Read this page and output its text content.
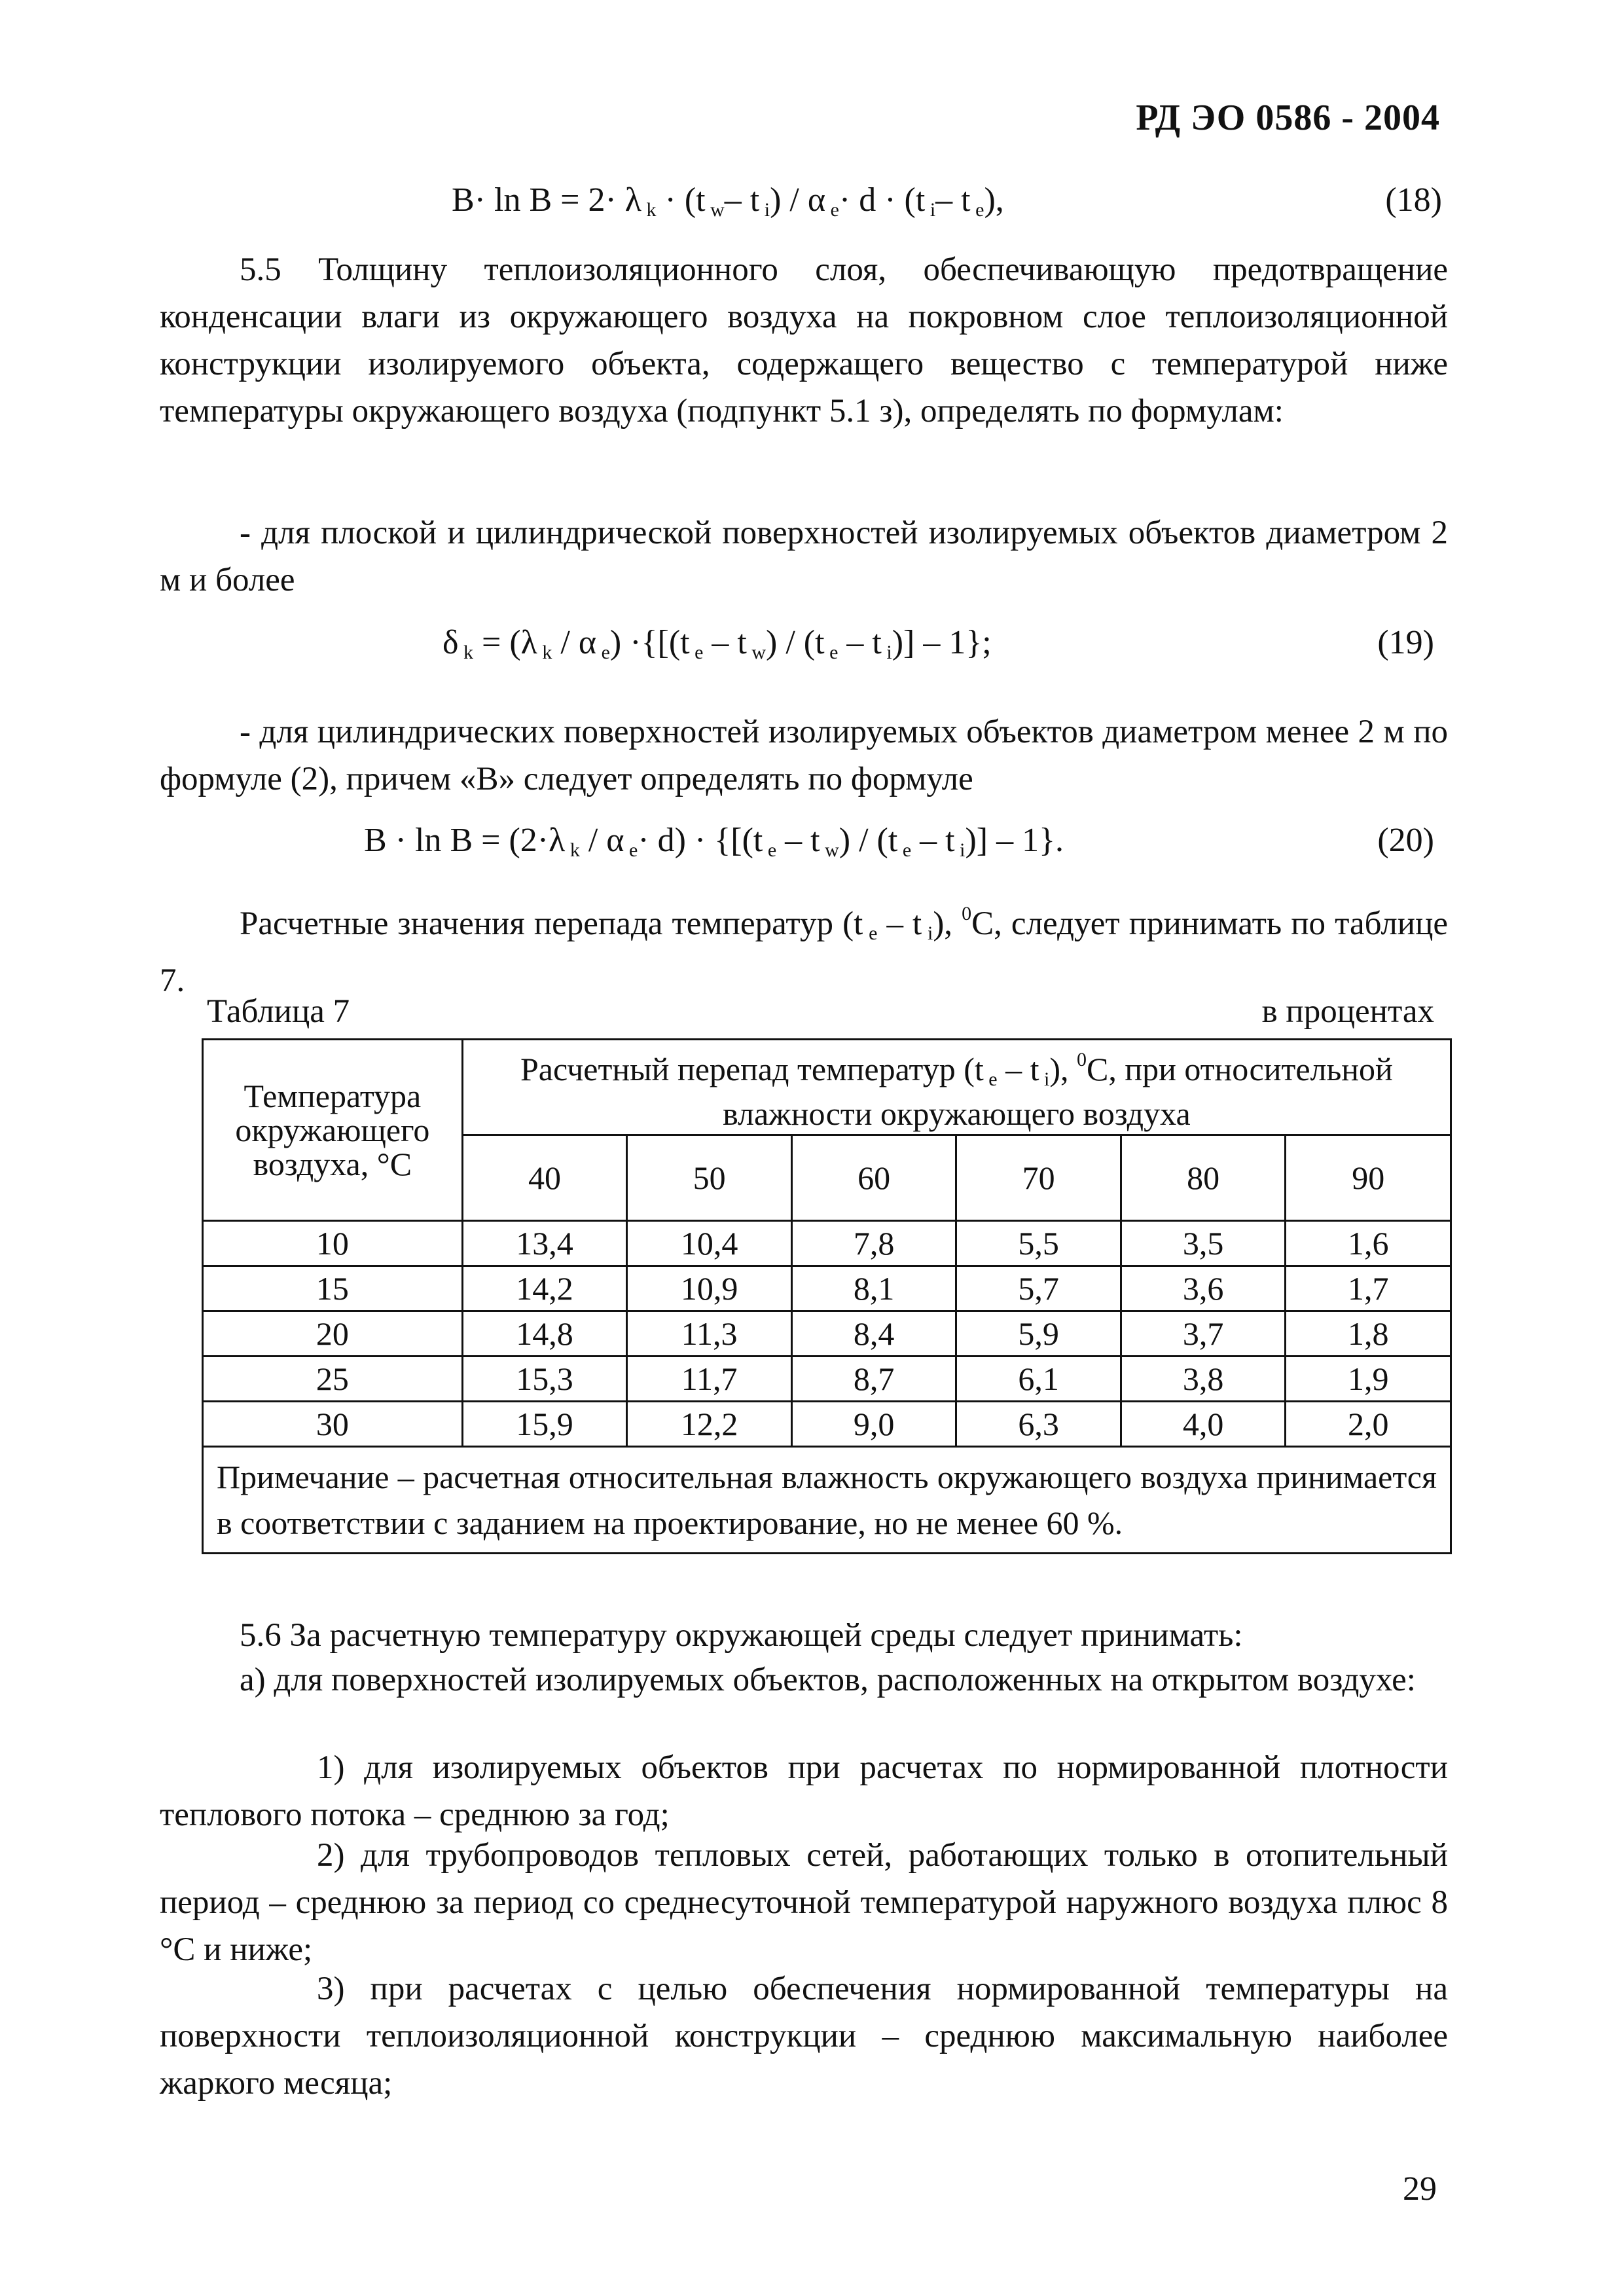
РД ЭО 0586 - 2004
B· ln B = 2· λ $_k$ · (t $_w$– t $_i$) / α $_e$· d · (t $_i$– t $_e$),	(18)
5.5 Толщину теплоизоляционного слоя, обеспечивающую предотвращение конденсации влаги из окружающего воздуха на покровном слое теплоизоляционной конструкции изолируемого объекта, содержащего вещество с температурой ниже температуры окружающего воздуха (подпункт 5.1 з), определять по формулам:
- для плоской и цилиндрической поверхностей изолируемых объектов диаметром 2 м и более
δ $_k$ = (λ $_k$ / α $_e$) ·{[(t $_e$ – t $_w$) / (t $_e$ – t $_i$)] – 1};	(19)
- для цилиндрических поверхностей изолируемых объектов диаметром менее 2 м по формуле (2), причем «В» следует определять по формуле
B · ln B = (2·λ $_k$ / α $_e$· d) · {[(t $_e$ – t $_w$) / (t $_e$ – t $_i$)] – 1}.	(20)
Расчетные значения перепада температур (t $_e$ – t $_i$), $^0$С, следует принимать по таблице 7.
Таблица 7	в процентах
Температура окружающего воздуха, °С	Расчетный перепад температур (t $_e$ – t $_i$), $^0$С, при относительной влажности окружающего воздуха					
	40	50	60	70	80	90
10	13,4	10,4	7,8	5,5	3,5	1,6
15	14,2	10,9	8,1	5,7	3,6	1,7
20	14,8	11,3	8,4	5,9	3,7	1,8
25	15,3	11,7	8,7	6,1	3,8	1,9
30	15,9	12,2	9,0	6,3	4,0	2,0
Примечание – расчетная относительная влажность окружающего воздуха принимается в соответствии с заданием на проектирование, но не менее 60 %.						
5.6 За расчетную температуру окружающей среды следует принимать:
а) для поверхностей изолируемых объектов, расположенных на открытом воздухе:
1) для изолируемых объектов при расчетах по нормированной плотности теплового потока – среднюю за год;
2) для трубопроводов тепловых сетей, работающих только в отопительный период – среднюю за период со среднесуточной температурой наружного воздуха плюс 8 °С и ниже;
3) при расчетах с целью обеспечения нормированной температуры на поверхности теплоизоляционной конструкции – среднюю максимальную наиболее жаркого месяца;
29
